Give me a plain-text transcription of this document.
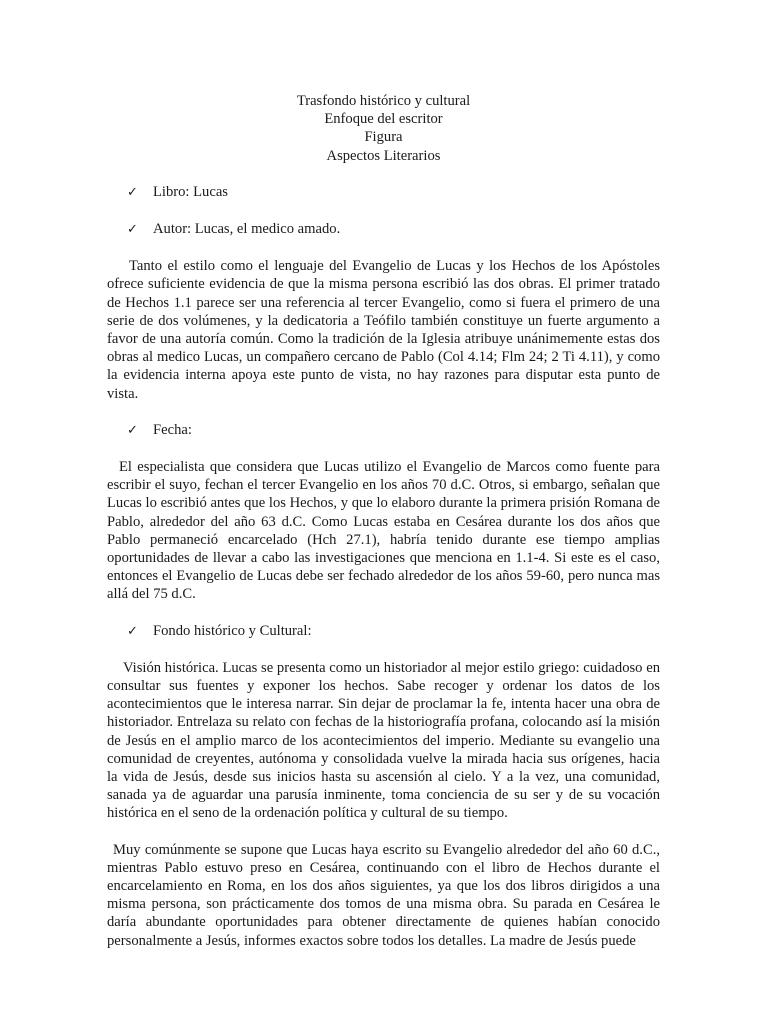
Trasfondo histórico y cultural
Enfoque del escritor
Figura
Aspectos Literarios
✓	Libro: Lucas
✓	Autor: Lucas, el medico amado.

Tanto el estilo como el lenguaje del Evangelio de Lucas y los Hechos de los Apóstoles ofrece suficiente evidencia de que la misma persona escribió las dos obras. El primer tratado de Hechos 1.1 parece ser una referencia al tercer Evangelio, como si fuera el primero de una serie de dos volúmenes, y la dedicatoria a Teófilo también constituye un fuerte argumento a favor de una autoría común. Como la tradición de la Iglesia atribuye unánimemente estas dos obras al medico Lucas, un compañero cercano de Pablo (Col 4.14; Flm 24; 2 Ti 4.11), y como la evidencia interna apoya este punto de vista, no hay razones para disputar esta punto de vista.

✓	Fecha:

El especialista que considera que Lucas utilizo el Evangelio de Marcos como fuente para escribir el suyo, fechan el tercer Evangelio en los años 70 d.C. Otros, si embargo, señalan que Lucas lo escribió antes que los Hechos, y que lo elaboro durante la primera prisión Romana de Pablo, alrededor del año 63 d.C. Como Lucas estaba en Cesárea durante los dos años que Pablo permaneció encarcelado (Hch 27.1), habría tenido durante ese tiempo amplias oportunidades de llevar a cabo las investigaciones que menciona en 1.1-4. Si este es el caso, entonces el Evangelio de Lucas debe ser fechado alrededor de los años 59-60, pero nunca mas allá del 75 d.C.

✓	Fondo histórico y Cultural:

Visión histórica. Lucas se presenta como un historiador al mejor estilo griego: cuidadoso en consultar sus fuentes y exponer los hechos. Sabe recoger y ordenar los datos de los acontecimientos que le interesa narrar. Sin dejar de proclamar la fe, intenta hacer una obra de historiador. Entrelaza su relato con fechas de la historiografía profana, colocando así la misión de Jesús en el amplio marco de los acontecimientos del imperio. Mediante su evangelio una comunidad de creyentes, autónoma y consolidada vuelve la mirada hacia sus orígenes, hacia la vida de Jesús, desde sus inicios hasta su ascensión al cielo. Y a la vez, una comunidad, sanada ya de aguardar una parusía inminente, toma conciencia de su ser y de su vocación histórica en el seno de la ordenación política y cultural de su tiempo.

Muy comúnmente se supone que Lucas haya escrito su Evangelio alrededor del año 60 d.C., mientras Pablo estuvo preso en Cesárea, continuando con el libro de Hechos durante el encarcelamiento en Roma, en los dos años siguientes, ya que los dos libros dirigidos a una misma persona, son prácticamente dos tomos de una misma obra. Su parada en Cesárea le daría abundante oportunidades para obtener directamente de quienes habían conocido personalmente a Jesús, informes exactos sobre todos los detalles. La madre de Jesús puede
